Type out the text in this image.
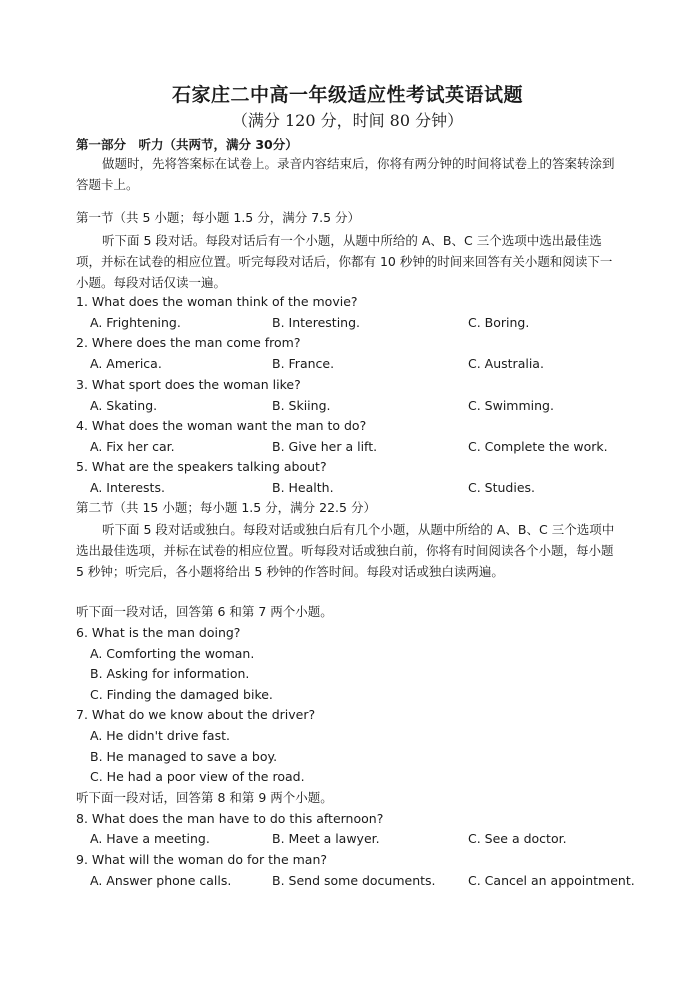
石家庄二中高一年级适应性考试英语试题
（满分 120 分，时间 80 分钟）
第一部分　听力（共两节，满分 30分）
做题时，先将答案标在试卷上。录音内容结束后，你将有两分钟的时间将试卷上的答案转涂到答题卡上。
第一节（共 5 小题；每小题 1.5 分，满分 7.5 分）
听下面 5 段对话。每段对话后有一个小题，从题中所给的 A、B、C 三个选项中选出最佳选项，并标在试卷的相应位置。听完每段对话后，你都有 10 秒钟的时间来回答有关小题和阅读下一小题。每段对话仅读一遍。
1. What does the woman think of the movie?
A. Frightening.	B. Interesting.	C. Boring.
2. Where does the man come from?
A. America.	B. France.	C. Australia.
3. What sport does the woman like?
A. Skating.	B. Skiing.	C. Swimming.
4. What does the woman want the man to do?
A. Fix her car.	B. Give her a lift.	C. Complete the work.
5. What are the speakers talking about?
A. Interests.	B. Health.	C. Studies.
第二节（共 15 小题；每小题 1.5 分，满分 22.5 分）
听下面 5 段对话或独白。每段对话或独白后有几个小题，从题中所给的 A、B、C 三个选项中选出最佳选项，并标在试卷的相应位置。听每段对话或独白前，你将有时间阅读各个小题，每小题 5 秒钟；听完后，各小题将给出 5 秒钟的作答时间。每段对话或独白读两遍。
听下面一段对话，回答第 6 和第 7 两个小题。
6. What is the man doing?
A. Comforting the woman.
B. Asking for information.
C. Finding the damaged bike.
7. What do we know about the driver?
A. He didn't drive fast.
B. He managed to save a boy.
C. He had a poor view of the road.
听下面一段对话，回答第 8 和第 9 两个小题。
8. What does the man have to do this afternoon?
A. Have a meeting.	B. Meet a lawyer.	C. See a doctor.
9. What will the woman do for the man?
A. Answer phone calls.	B. Send some documents.	C. Cancel an appointment.
